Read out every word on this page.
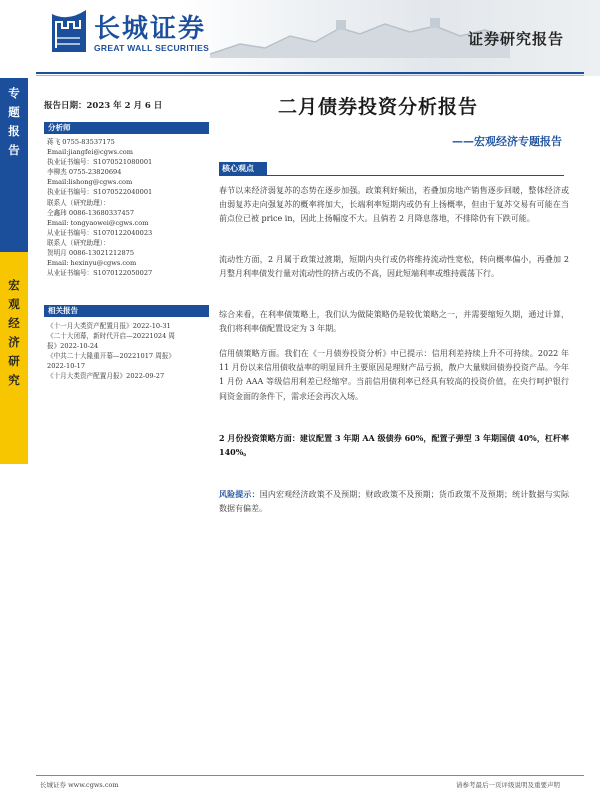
长城证券
GREAT WALL SECURITIES	证券研究报告
专
题
报
告
宏
观
经
济
研
究
报告日期：2023 年 2 月 6 日
分析师
蒋飞 0755-83537175
Email:jiangfei@cgws.com
执业证书编号：S1070521080001
李柳杰 0755-23820694
Email:lishong@cgws.com
执业证书编号：S1070522040001
联系人（研究助理）：
仝鑫玮 0086-13680337457
Email: tongyaowei@cgws.com
从业证书编号：S1070122040023
联系人（研究助理）：
贺明月 0086-13021212875
Email: hexinyu@cgws.com
从业证书编号：S1070122050027
相关报告
《十一月大类资产配置月报》2022-10-31
《二十大闭幕，新时代开启—20221024 周
报》2022-10-24
《中共二十大隆重开幕—20221017 周报》
2022-10-17
《十月大类资产配置月报》2022-09-27
二月债券投资分析报告
——宏观经济专题报告
核心观点
春节以来经济弱复苏的态势在逐步加强。政策利好频出，若叠加房地产销售逐步回暖，整体经济或由弱复苏走向强复苏的概率将加大，长端利率短期内或仍有上扬概率，但由于复苏交易有可能在当前点位已被 price in，因此上扬幅度不大。且倘若 2 月降息落地，不排除仍有下跌可能。
流动性方面，2 月属于政策过渡期，短期内央行或仍将维持流动性宽松，转向概率偏小，再叠加 2 月整月利率债发行量对流动性的挤占或仍不高，因此短端利率或维持震荡下行。
综合来看，在利率债策略上，我们认为做陡策略仍是较优策略之一，并需要缩短久期，通过计算，我们将利率债配置设定为 3 年期。
信用债策略方面。我们在《一月债券投资分析》中已提示：信用利差持续上升不可持续。2022 年 11 月份以来信用债收益率的明显回升主要原因是理财产品亏损，散户大量赎回债券投资产品。今年 1 月份 AAA 等级信用利差已经缩窄。当前信用债利率已经具有较高的投资价值，在央行呵护银行间资金面的条件下，需求还会再次入场。
2 月份投资策略方面：建议配置 3 年期 AA 级债券 60%，配置子弹型 3 年期国债 40%，杠杆率 140%。
风险提示：国内宏观经济政策不及预期；财政政策不及预期；货币政策不及预期；统计数据与实际数据有偏差。
长城证券 www.cgws.com	请参考最后一页评级说明及重要声明
